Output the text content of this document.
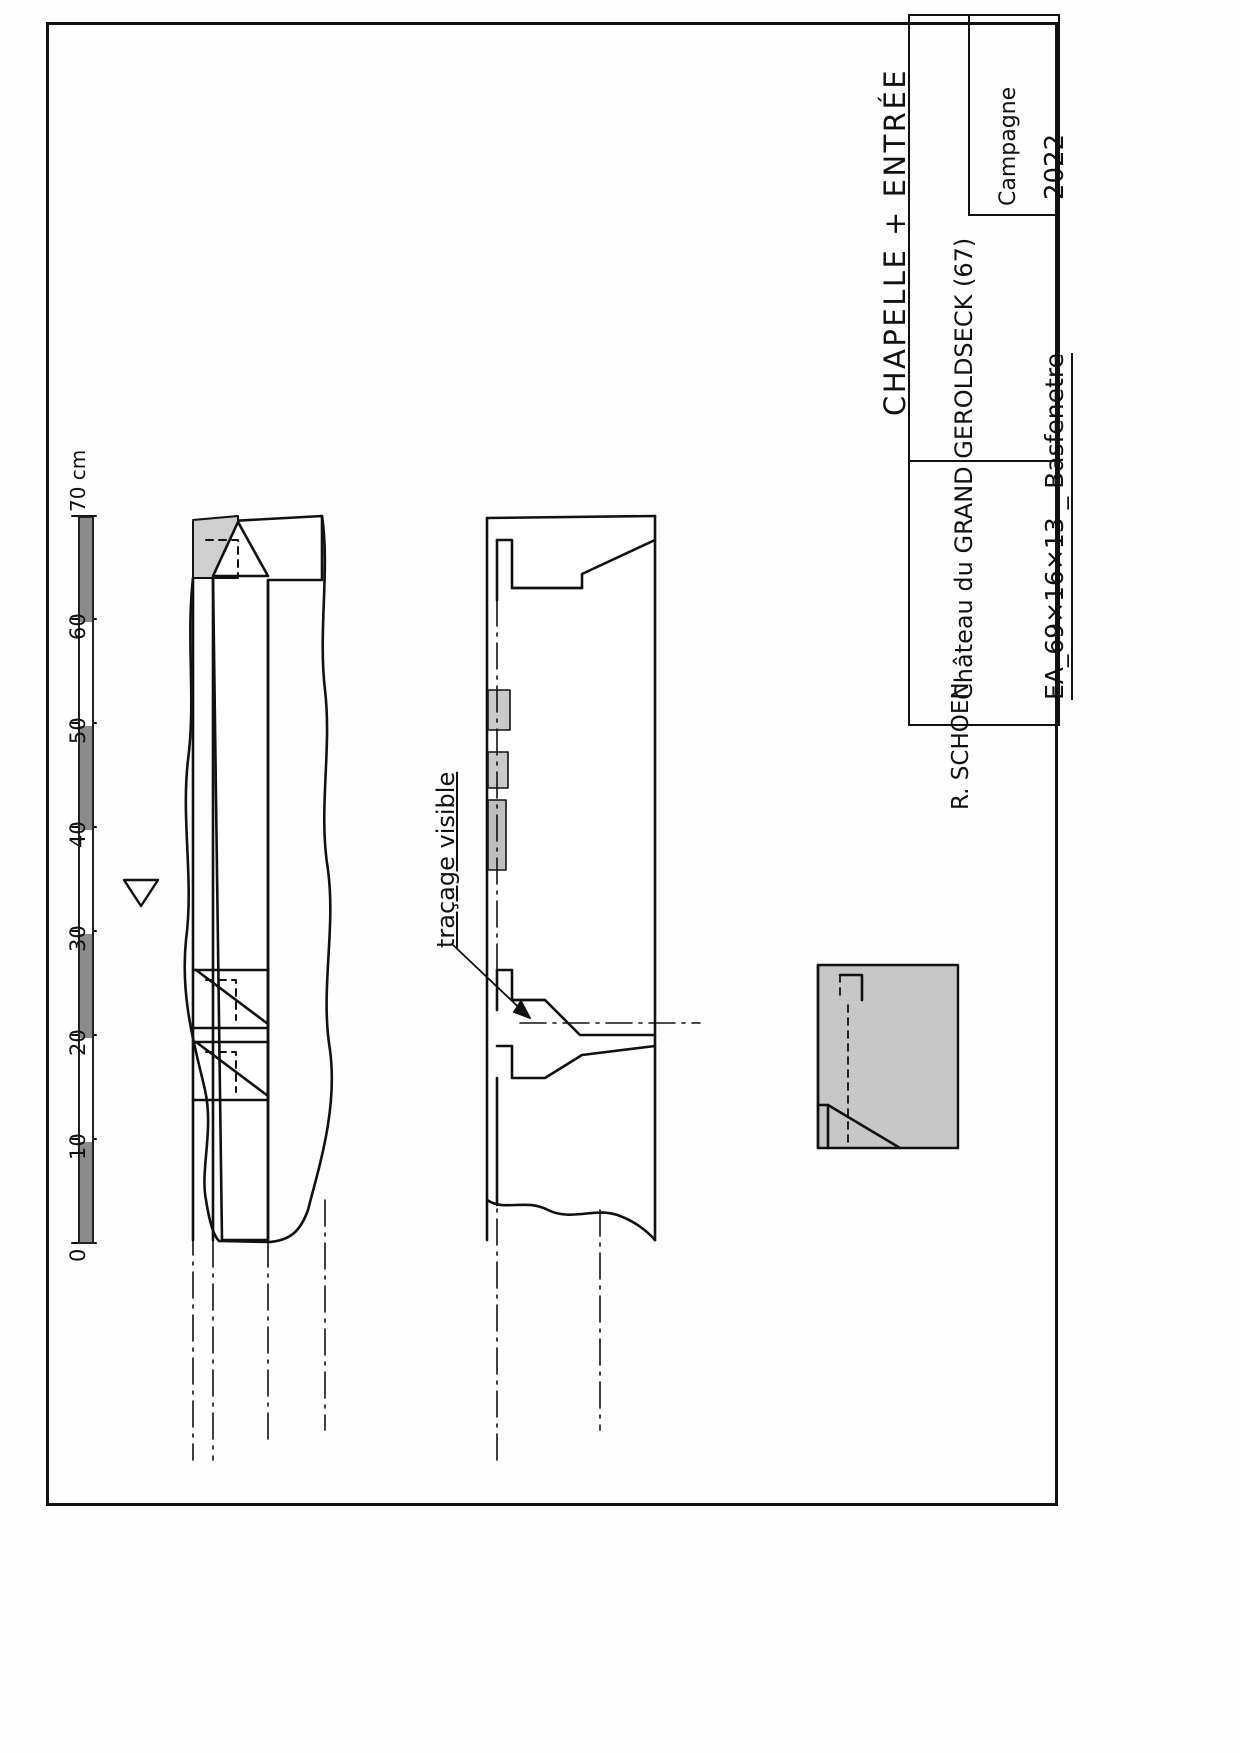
0
10
20
30
40
50
60
70 cm
traçage visible
CHAPELLE + ENTRÉE Château du GRAND GEROLDSECK (67) EA_69×16×13 _ Basfenetre
Campagne 2022
R. SCHOEN
